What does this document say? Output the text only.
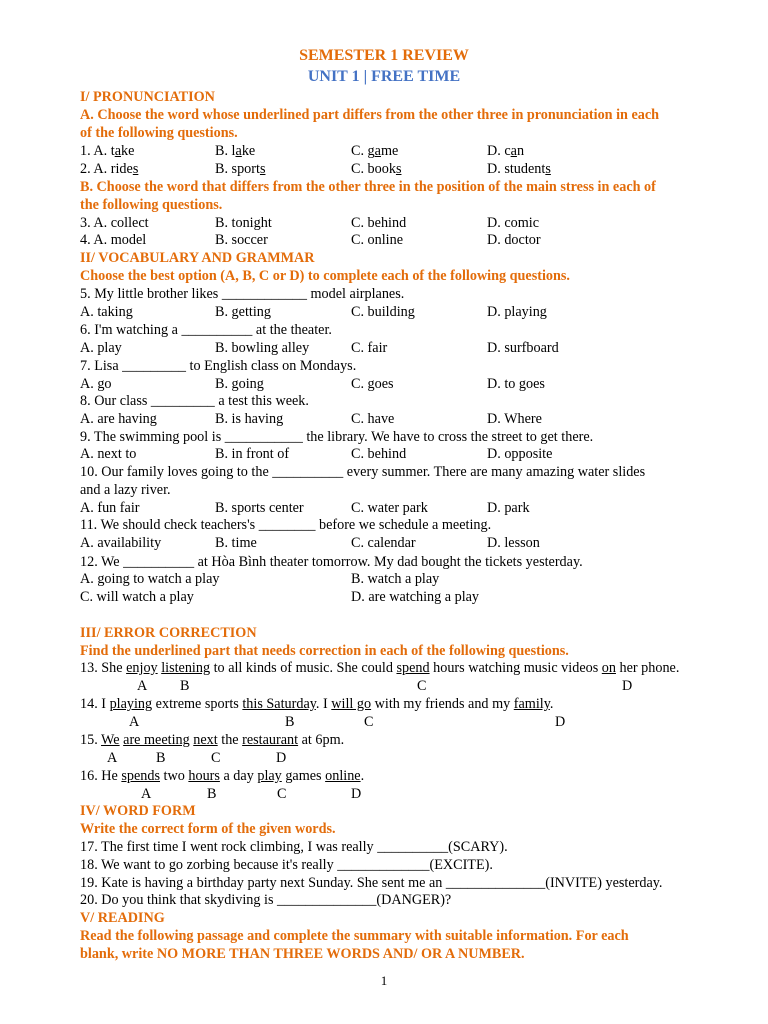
SEMESTER 1 REVIEW
UNIT 1 | FREE TIME
I/ PRONUNCIATION
A. Choose the word whose underlined part differs from the other three in pronunciation in each
of the following questions.
1. A. take	B. lake	C. game	D. can
2. A. rides	B. sports	C. books	D. students
B. Choose the word that differs from the other three in the position of the main stress in each of
the following questions.
3. A. collect	B. tonight	C. behind	D. comic
4. A. model	B. soccer	C. online	D. doctor
II/ VOCABULARY AND GRAMMAR
Choose the best option (A, B, C or D) to complete each of the following questions.
5. My little brother likes ____________ model airplanes.
A. taking	B. getting	C. building	D. playing
6. I'm watching a __________ at the theater.
A. play	B. bowling alley	C. fair	D. surfboard
7. Lisa _________ to English class on Mondays.
A. go	B. going	C. goes	D. to goes
8. Our class _________ a test this week.
A. are having	B. is having	C. have	D. Where
9. The swimming pool is ___________ the library. We have to cross the street to get there.
A. next to	B. in front of	C. behind	D. opposite
10. Our family loves going to the __________ every summer. There are many amazing water slides
and a lazy river.
A. fun fair	B. sports center	C. water park	D. park
11. We should check teachers's ________ before we schedule a meeting.
A. availability	B. time	C. calendar	D. lesson
12. We __________ at Hòa Bình theater tomorrow. My dad bought the tickets yesterday.
A. going to watch a play	B. watch a play
C. will watch a play	D. are watching a play
III/ ERROR CORRECTION
Find the underlined part that needs correction in each of the following questions.
13. She enjoy listening to all kinds of music. She could spend hours watching music videos on her phone.
A B	C	D
14. I playing extreme sports this Saturday. I will go with my friends and my family.
A	B	C	D
15. We are meeting next the restaurant at 6pm.
A	B	C	D
16. He spends two hours a day play games online.
A	B	C	D
IV/ WORD FORM
Write the correct form of the given words.
17. The first time I went rock climbing, I was really __________(SCARY).
18. We want to go zorbing because it's really _____________(EXCITE).
19. Kate is having a birthday party next Sunday. She sent me an ______________(INVITE) yesterday.
20. Do you think that skydiving is ______________(DANGER)?
V/ READING
Read the following passage and complete the summary with suitable information. For each
blank, write NO MORE THAN THREE WORDS AND/ OR A NUMBER.
1
